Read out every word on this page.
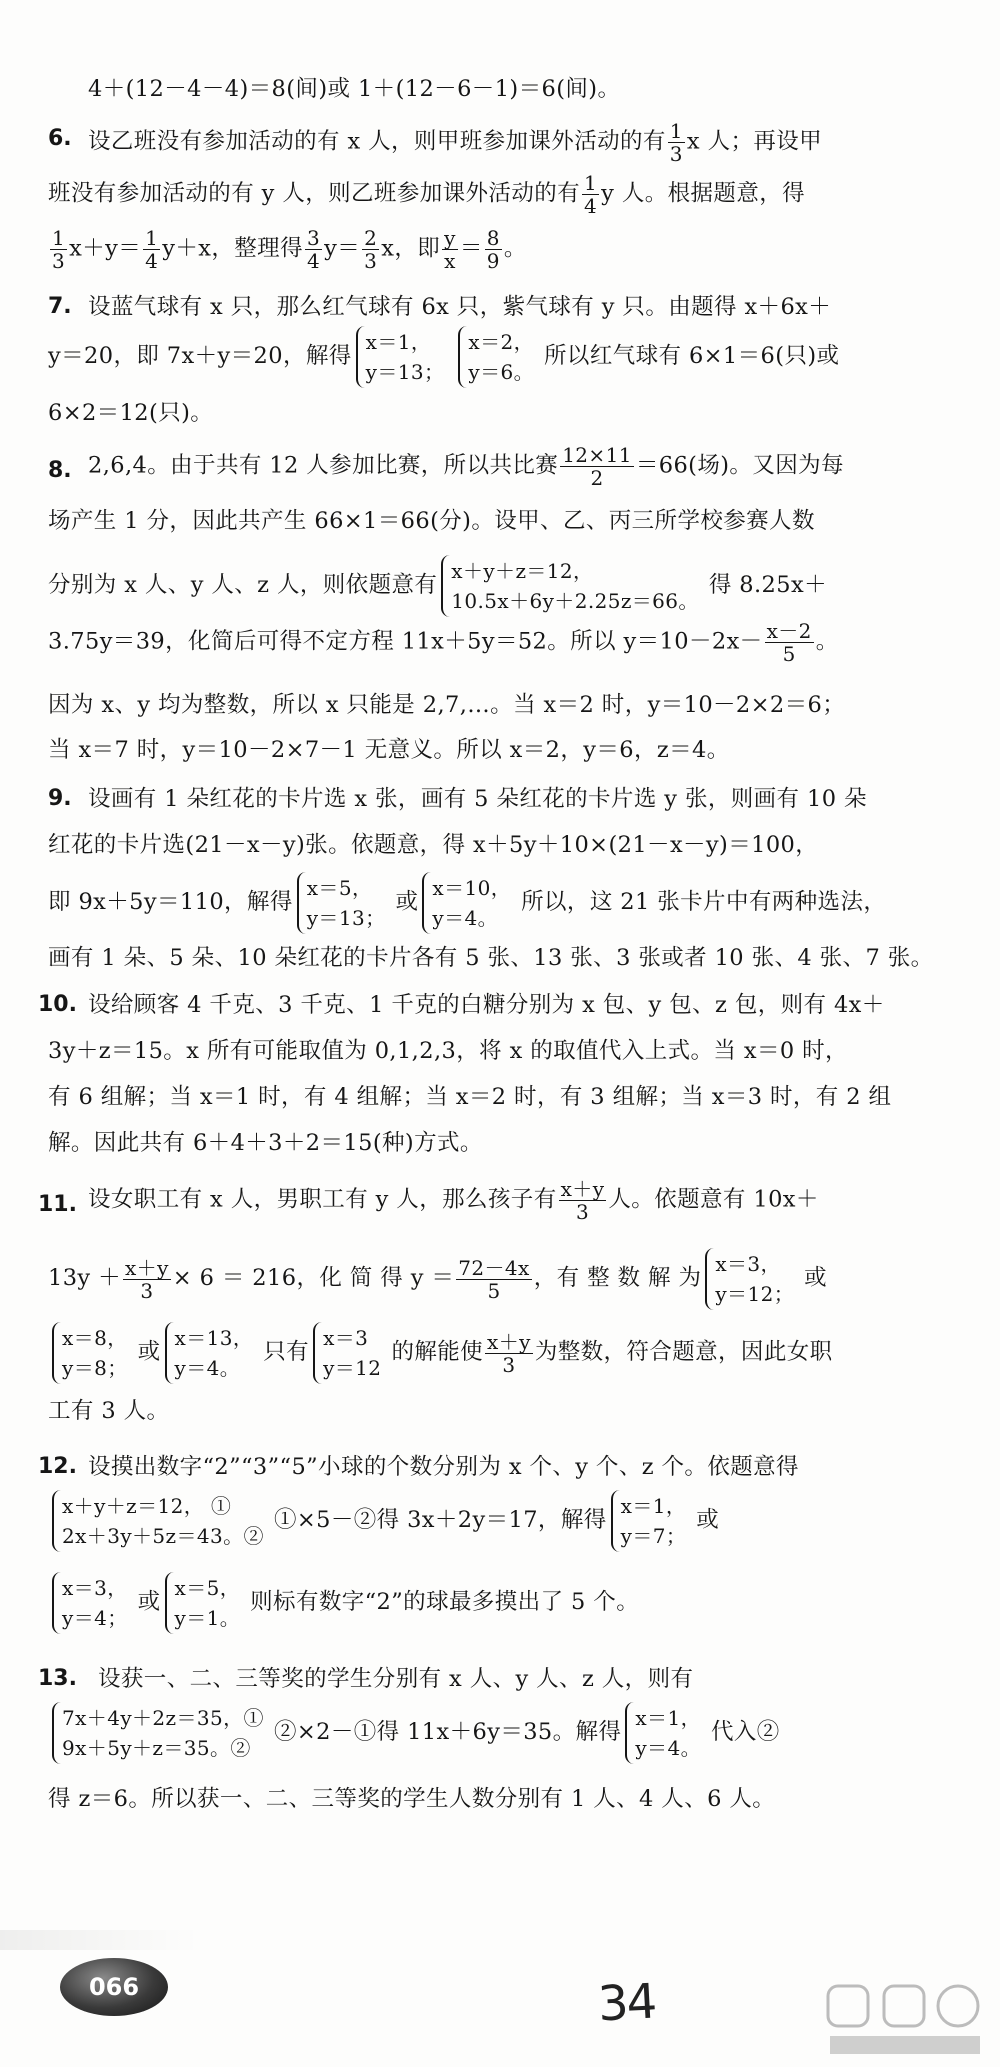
4＋(12－4－4)＝8(间)或 1＋(12－6－1)＝6(间)。
6. 设乙班没有参加活动的有 x 人，则甲班参加课外活动的有 $\frac{1}{3}$ x 人；再设甲
班没有参加活动的有 y 人，则乙班参加课外活动的有 $\frac{1}{4}$ y 人。根据题意，得
$\frac{1}{3} x+y= \frac{1}{4} y+x$，整理得 $\frac{3}{4} y= \frac{2}{3}$ x，即 $\frac{y}{x} = \frac{8}{9}$ 。
7. 设蓝气球有 x 只，那么红气球有 6x 只，紫气球有 y 只。由题得 x＋6x＋
y＝20，即 7x＋y＝20，解得
x＝1，
y＝13；
x＝2，
y＝6。
所以红气球有 6×1＝6(只)或
6×2＝12(只)。
8. 2,6,4。由于共有 12 人参加比赛，所以共比赛 $\frac{12\times 11}{2} =66$(场)。又因为每
场产生 1 分，因此共产生 66×1＝66(分)。设甲、乙、丙三所学校参赛人数
分别为 x 人、y 人、z 人，则依题意有
x＋y＋z＝12，
10.5x＋6y＋2.25z＝66。
得 8.25x＋
3.75y＝39，化简后可得不定方程 11x＋5y＝52。所以 $y=10-2x- \frac{x-2}{5}$ 。
因为 x、y 均为整数，所以 x 只能是 2,7,…。当 x＝2 时，y＝10－2×2＝6；
当 x＝7 时，y＝10－2×7－1 无意义。所以 x＝2，y＝6，z＝4。
9. 设画有 1 朵红花的卡片选 x 张，画有 5 朵红花的卡片选 y 张，则画有 10 朵
红花的卡片选(21－x－y)张。依题意，得 x＋5y＋10×(21－x－y)＝100，
即 9x＋5y＝110，解得
x＝5，
y＝13；
或
x＝10，
y＝4。
所以，这 21 张卡片中有两种选法，
画有 1 朵、5 朵、10 朵红花的卡片各有 5 张、13 张、3 张或者 10 张、4 张、7 张。
10. 设给顾客 4 千克、3 千克、1 千克的白糖分别为 x 包、y 包、z 包，则有 4x＋
3y＋z＝15。x 所有可能取值为 0,1,2,3，将 x 的取值代入上式。当 x＝0 时，
有 6 组解；当 x＝1 时，有 4 组解；当 x＝2 时，有 3 组解；当 x＝3 时，有 2 组
解。因此共有 6＋4＋3＋2＝15(种)方式。
11. 设女职工有 x 人，男职工有 y 人，那么孩子有 $\frac{x+y}{3}$ 人。依题意有 10x＋
$13y + \frac{x+y}{3} \times 6 = 216$，化 简 得 $y = \frac{72-4x}{5}$ ，有 整 数 解 为
x＝3，
y＝12；
或
x＝8，
y＝8；
或
x＝13，
y＝4。
只有
x＝3
y＝12
的解能使 $\frac{x+y}{3}$ 为整数，符合题意，因此女职
工有 3 人。
12. 设摸出数字“2”“3”“5”小球的个数分别为 x 个、y 个、z 个。依题意得
x＋y＋z＝12， ①
2x＋3y＋5z＝43。②
①×5－②得 3x＋2y＝17，解得
x＝1，
y＝7；
或
x＝3，
y＝4；
或
x＝5，
y＝1。
则标有数字“2”的球最多摸出了 5 个。
13. 设获一、二、三等奖的学生分别有 x 人、y 人、z 人，则有
7x＋4y＋2z＝35，①
9x＋5y＋z＝35。②
②×2－①得 11x＋6y＝35。解得
x＝1，
y＝4。
代入②
得 z＝6。所以获一、二、三等奖的学生人数分别有 1 人、4 人、6 人。
066	34
